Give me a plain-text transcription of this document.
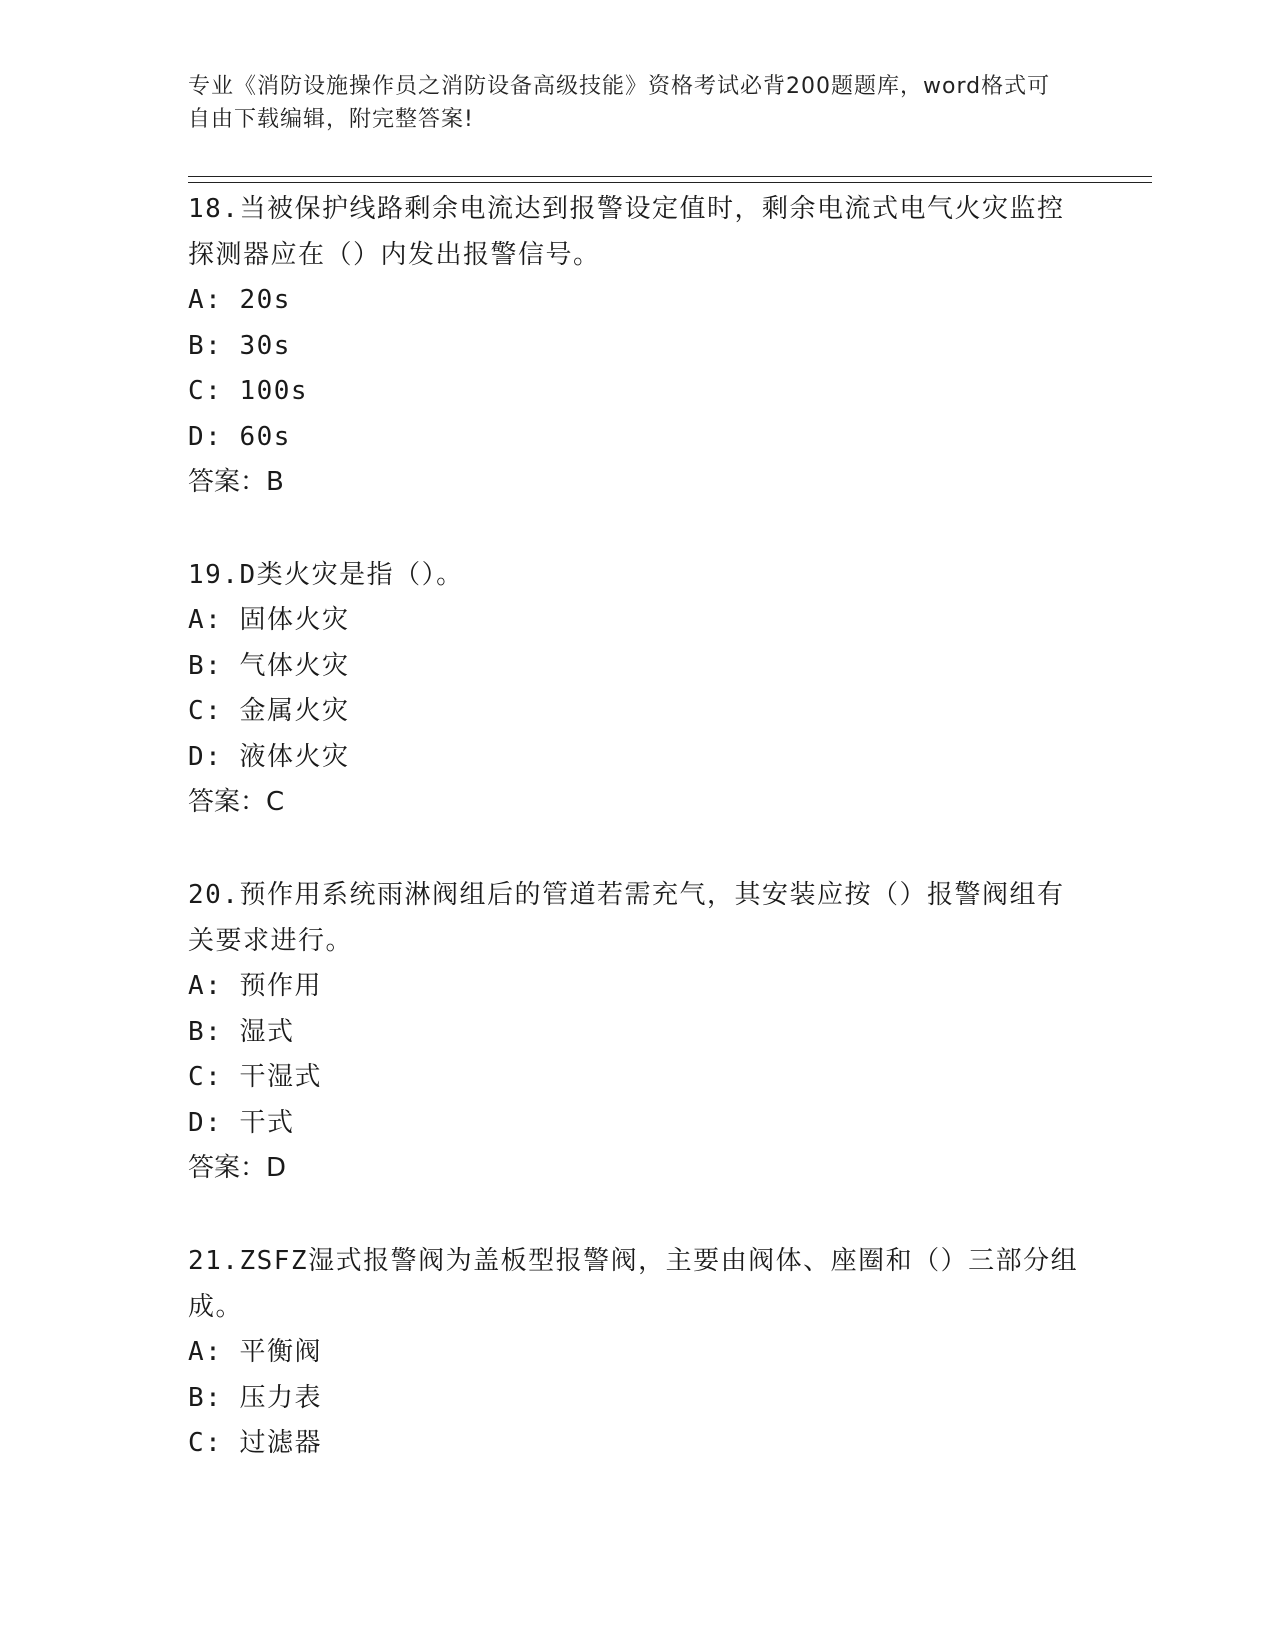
专业《消防设施操作员之消防设备高级技能》资格考试必背200题题库，word格式可自由下载编辑，附完整答案!

18.当被保护线路剩余电流达到报警设定值时，剩余电流式电气火灾监控探测器应在（）内发出报警信号。

A: 20s

B: 30s

C: 100s

D: 60s

答案：B

19.D类火灾是指（）。

A: 固体火灾

B: 气体火灾

C: 金属火灾

D: 液体火灾

答案：C

20.预作用系统雨淋阀组后的管道若需充气，其安装应按（）报警阀组有关要求进行。

A: 预作用

B: 湿式

C: 干湿式

D: 干式

答案：D

21.ZSFZ湿式报警阀为盖板型报警阀，主要由阀体、座圈和（）三部分组成。

A: 平衡阀

B: 压力表

C: 过滤器
